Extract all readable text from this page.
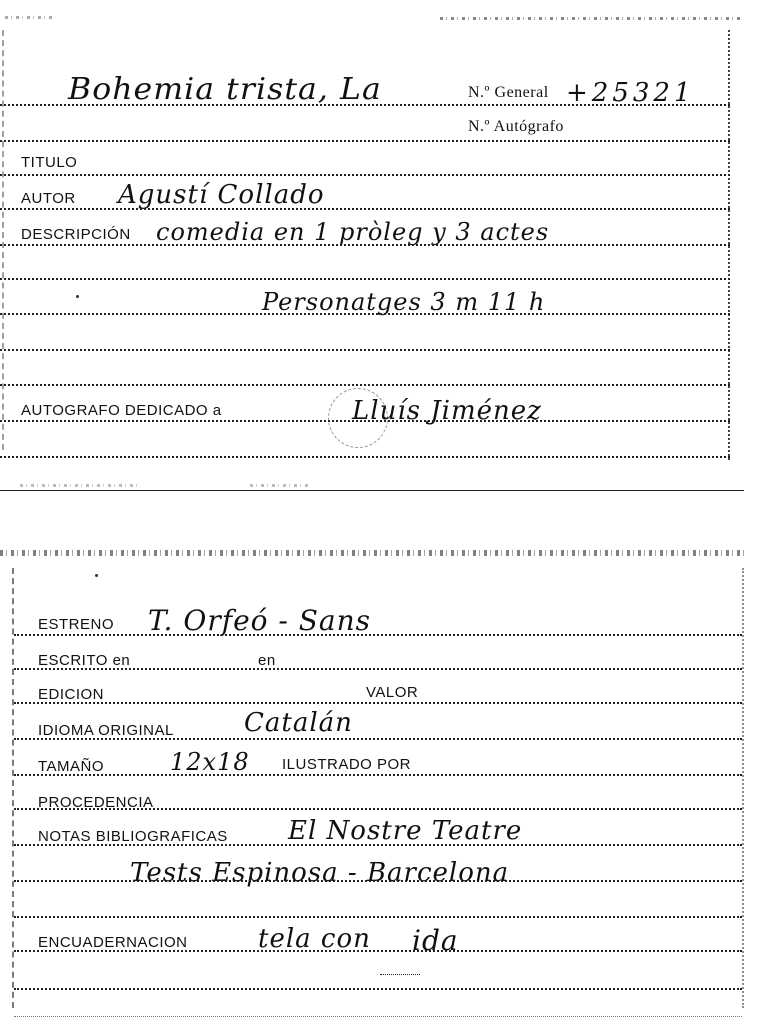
Bohemia trista, La	N.º General +25321
N.º Autógrafo
TITULO
AUTOR Agustí Collado
DESCRIPCIÓN comedia en 1 pròleg y 3 actes
Personatges 3 m 11 h
AUTOGRAFO DEDICADO a	Lluís Jiménez
ESTRENO T. Orfeó - Sans
ESCRITO en	en
EDICION	VALOR
IDIOMA ORIGINAL	Catalán
TAMAÑO	12x18 ILUSTRADO POR
PROCEDENCIA
NOTAS BIBLIOGRAFICAS El Nostre Teatre
Tests Espinosa - Barcelona
ENCUADERNACION	tela con ida
